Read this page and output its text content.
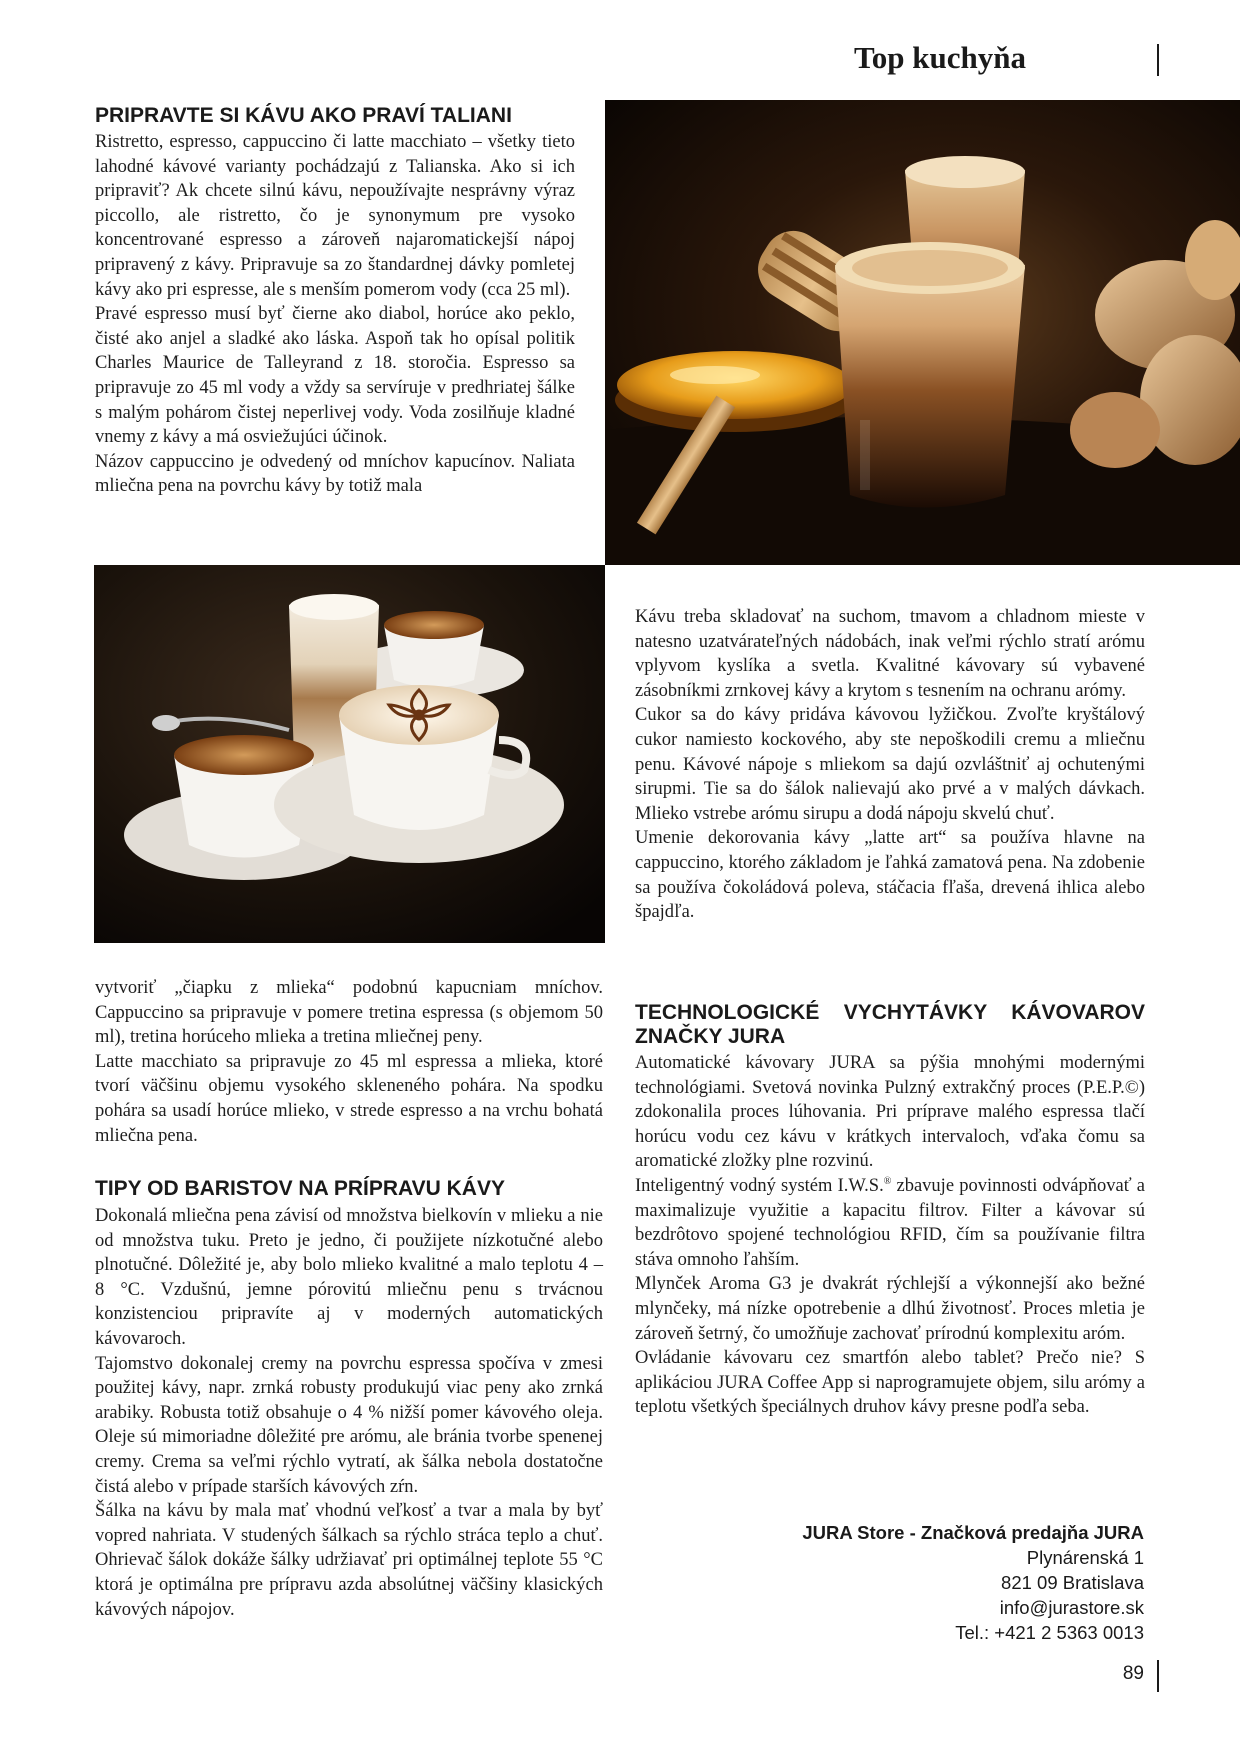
Top kuchyňa
PRIPRAVTE SI KÁVU AKO PRAVÍ TALIANI

Ristretto, espresso, cappuccino či latte macchiato – všetky tieto lahodné kávové varianty pochádzajú z Talianska. Ako si ich pripraviť? Ak chcete silnú kávu, nepoužívajte nesprávny výraz piccollo, ale ristretto, čo je synonymum pre vysoko koncentrované espresso a zároveň najaromatickejší nápoj pripravený z kávy. Pripravuje sa zo štandardnej dávky pomletej kávy ako pri espresse, ale s menším pomerom vody (cca 25 ml).

Pravé espresso musí byť čierne ako diabol, horúce ako peklo, čisté ako anjel a sladké ako láska. Aspoň tak ho opísal politik Charles Maurice de Talleyrand z 18. storočia. Espresso sa pripravuje zo 45 ml vody a vždy sa servíruje v predhriatej šálke s malým pohárom čistej neperlivej vody. Voda zosilňuje kladné vnemy z kávy a má osviežujúci účinok.

Názov cappuccino je odvedený od mníchov kapucínov. Naliata mliečna pena na povrchu kávy by totiž mala

vytvoriť „čiapku z mlieka“ podobnú kapucniam mníchov. Cappuccino sa pripravuje v pomere tretina espressa (s objemom 50 ml), tretina horúceho mlieka a tretina mliečnej peny.

Latte macchiato sa pripravuje zo 45 ml espressa a mlieka, ktoré tvorí väčšinu objemu vysokého skleneného pohára. Na spodku pohára sa usadí horúce mlieko, v strede espresso a na vrchu bohatá mliečna pena.

TIPY OD BARISTOV NA PRÍPRAVU KÁVY

Dokonalá mliečna pena závisí od množstva bielkovín v mlieku a nie od množstva tuku. Preto je jedno, či použijete nízkotučné alebo plnotučné. Dôležité je, aby bolo mlieko kvalitné a malo teplotu 4 – 8 °C. Vzdušnú, jemne pórovitú mliečnu penu s trvácnou konzistenciou pripravíte aj v moderných automatických kávovaroch.

Tajomstvo dokonalej cremy na povrchu espressa spočíva v zmesi použitej kávy, napr. zrnká robusty produkujú viac peny ako zrnká arabiky. Robusta totiž obsahuje o 4 % nižší pomer kávového oleja. Oleje sú mimoriadne dôležité pre arómu, ale bránia tvorbe spenenej cremy. Crema sa veľmi rýchlo vytratí, ak šálka nebola dostatočne čistá alebo v prípade starších kávových zŕn.

Šálka na kávu by mala mať vhodnú veľkosť a tvar a mala by byť vopred nahriata. V studených šálkach sa rýchlo stráca teplo a chuť. Ohrievač šálok dokáže šálky udržiavať pri optimálnej teplote 55 °C ktorá je optimálna pre prípravu azda absolútnej väčšiny klasických kávových nápojov.

Kávu treba skladovať na suchom, tmavom a chladnom mieste v natesno uzatvárateľných nádobách, inak veľmi rýchlo stratí arómu vplyvom kyslíka a svetla. Kvalitné kávovary sú vybavené zásobníkmi zrnkovej kávy a krytom s tesnením na ochranu arómy.

Cukor sa do kávy pridáva kávovou lyžičkou. Zvoľte kryštálový cukor namiesto kockového, aby ste nepoškodili cremu a mliečnu penu. Kávové nápoje s mliekom sa dajú ozvláštniť aj ochutenými sirupmi. Tie sa do šálok nalievajú ako prvé a v malých dávkach. Mlieko vstrebe arómu sirupu a dodá nápoju skvelú chuť.

Umenie dekorovania kávy „latte art“ sa používa hlavne na cappuccino, ktorého základom je ľahká zamatová pena. Na zdobenie sa používa čokoládová poleva, stáčacia fľaša, drevená ihlica alebo špajdľa.

TECHNOLOGICKÉ VYCHYTÁVKY KÁVOVAROV
ZNAČKY JURA

Automatické kávovary JURA sa pýšia mnohými modernými technológiami. Svetová novinka Pulzný extrakčný proces (P.E.P.©) zdokonalila proces lúhovania. Pri príprave malého espressa tlačí horúcu vodu cez kávu v krátkych intervaloch, vďaka čomu sa aromatické zložky plne rozvinú.

Inteligentný vodný systém I.W.S.® zbavuje povinnosti odvápňovať a maximalizuje využitie a kapacitu filtrov. Filter a kávovar sú bezdrôtovo spojené technológiou RFID, čím sa používanie filtra stáva omnoho ľahším.

Mlynček Aroma G3 je dvakrát rýchlejší a výkonnejší ako bežné mlynčeky, má nízke opotrebenie a dlhú životnosť. Proces mletia je zároveň šetrný, čo umožňuje zachovať prírodnú komplexitu aróm.

Ovládanie kávovaru cez smartfón alebo tablet? Prečo nie? S aplikáciou JURA Coffee App si naprogramujete objem, silu arómy a teplotu všetkých špeciálnych druhov kávy presne podľa seba.

JURA Store - Značková predajňa JURA
Plynárenská 1
821 09 Bratislava
info@jurastore.sk
Tel.: +421 2 5363 0013
89
